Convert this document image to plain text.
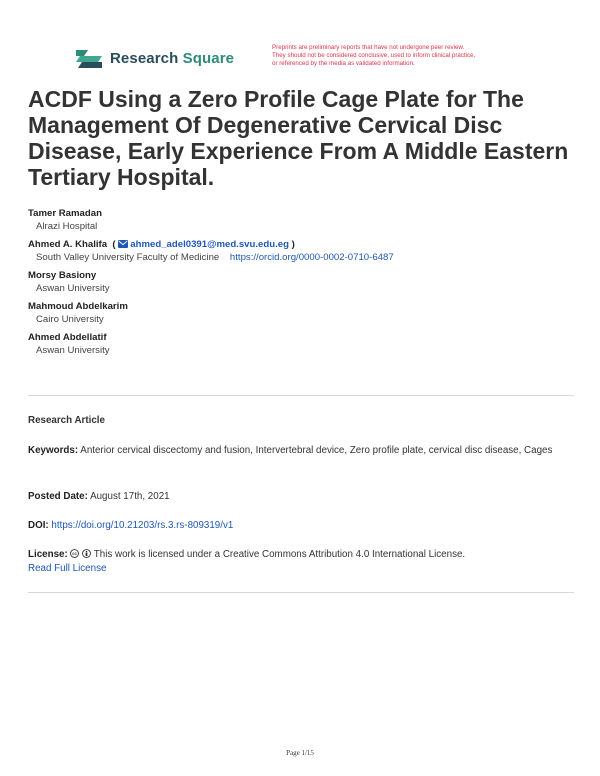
Research Square
Preprints are preliminary reports that have not undergone peer review.
They should not be considered conclusive, used to inform clinical practice,
or referenced by the media as validated information.
ACDF Using a Zero Profile Cage Plate for The Management Of Degenerative Cervical Disc Disease, Early Experience From A Middle Eastern Tertiary Hospital.
Tamer Ramadan
Alrazi Hospital
Ahmed A. Khalifa  ( ahmed_adel0391@med.svu.edu.eg )
South Valley University Faculty of Medicine https://orcid.org/0000-0002-0710-6487
Morsy Basiony
Aswan University
Mahmoud Abdelkarim
Cairo University
Ahmed Abdellatif
Aswan University
Research Article
Keywords: Anterior cervical discectomy and fusion, Intervertebral device, Zero profile plate, cervical disc disease, Cages
Posted Date: August 17th, 2021
DOI: https://doi.org/10.21203/rs.3.rs-809319/v1
License: cc This work is licensed under a Creative Commons Attribution 4.0 International License.
Read Full License
Page 1/15
